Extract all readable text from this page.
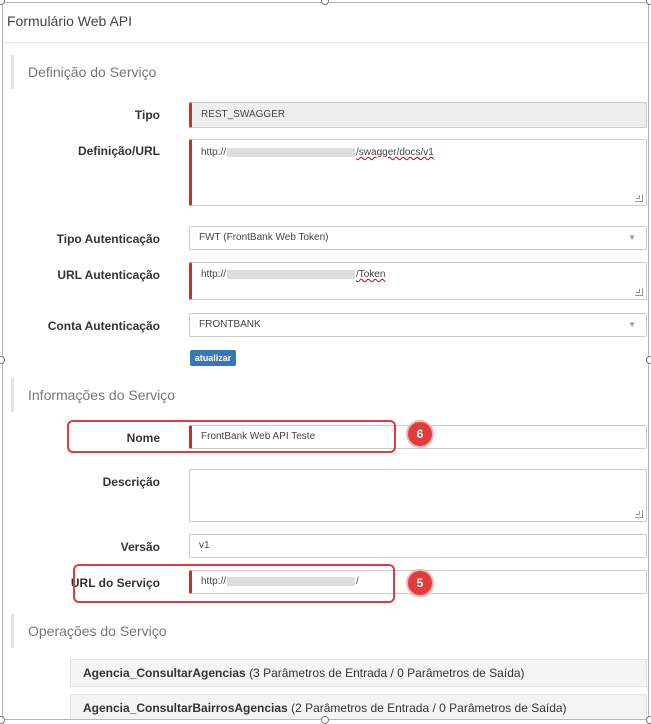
Formulário Web API
Definição do Serviço
Tipo	REST_SWAGGER
Definição/URL	http://	/swagger/docs/v1
Tipo Autenticação	FWT (FrontBank Web Token)	▼
URL Autenticação	http://	/Token
Conta Autenticação	FRONTBANK	▼
atualizar
Informações do Serviço
Nome	FrontBank Web API Teste	6
Descrição
Versão	v1
URL do Serviço	http://	/	5
Operações do Serviço
Agencia_ConsultarAgencias (3 Parâmetros de Entrada / 0 Parâmetros de Saída)
Agencia_ConsultarBairrosAgencias (2 Parâmetros de Entrada / 0 Parâmetros de Saída)
